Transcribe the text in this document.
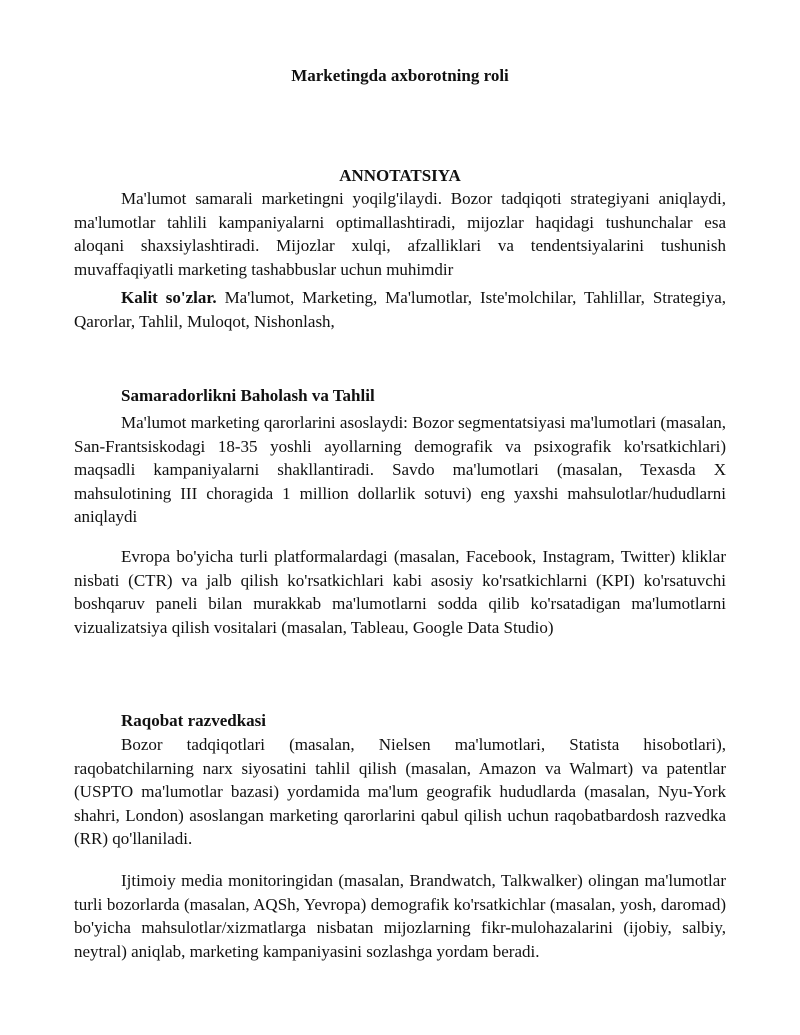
Marketingda axborotning roli
ANNOTATSIYA

Ma'lumot samarali marketingni yoqilg'ilaydi. Bozor tadqiqoti strategiyani aniqlaydi, ma'lumotlar tahlili kampaniyalarni optimallashtiradi, mijozlar haqidagi tushunchalar esa aloqani shaxsiylashtiradi. Mijozlar xulqi, afzalliklari va tendentsiyalarini tushunish muvaffaqiyatli marketing tashabbuslar uchun muhimdir

Kalit so'zlar. Ma'lumot, Marketing, Ma'lumotlar, Iste'molchilar, Tahlillar, Strategiya, Qarorlar, Tahlil, Muloqot, Nishonlash,

Samaradorlikni Baholash va Tahlil

Ma'lumot marketing qarorlarini asoslaydi: Bozor segmentatsiyasi ma'lumotlari (masalan, San-Frantsiskodagi 18-35 yoshli ayollarning demografik va psixografik ko'rsatkichlari) maqsadli kampaniyalarni shakllantiradi. Savdo ma'lumotlari (masalan, Texasda X mahsulotining III choragida 1 million dollarlik sotuvi) eng yaxshi mahsulotlar/hududlarni aniqlaydi

Evropa bo'yicha turli platformalardagi (masalan, Facebook, Instagram, Twitter) kliklar nisbati (CTR) va jalb qilish ko'rsatkichlari kabi asosiy ko'rsatkichlarni (KPI) ko'rsatuvchi boshqaruv paneli bilan murakkab ma'lumotlarni sodda qilib ko'rsatadigan ma'lumotlarni vizualizatsiya qilish vositalari (masalan, Tableau, Google Data Studio)

Raqobat razvedkasi

Bozor tadqiqotlari (masalan, Nielsen ma'lumotlari, Statista hisobotlari), raqobatchilarning narx siyosatini tahlil qilish (masalan, Amazon va Walmart) va patentlar (USPTO ma'lumotlar bazasi) yordamida ma'lum geografik hududlarda (masalan, Nyu-York shahri, London) asoslangan marketing qarorlarini qabul qilish uchun raqobatbardosh razvedka (RR) qo'llaniladi.

Ijtimoiy media monitoringidan (masalan, Brandwatch, Talkwalker) olingan ma'lumotlar turli bozorlarda (masalan, AQSh, Yevropa) demografik ko'rsatkichlar (masalan, yosh, daromad) bo'yicha mahsulotlar/xizmatlarga nisbatan mijozlarning fikr-mulohazalarini (ijobiy, salbiy, neytral) aniqlab, marketing kampaniyasini sozlashga yordam beradi.
